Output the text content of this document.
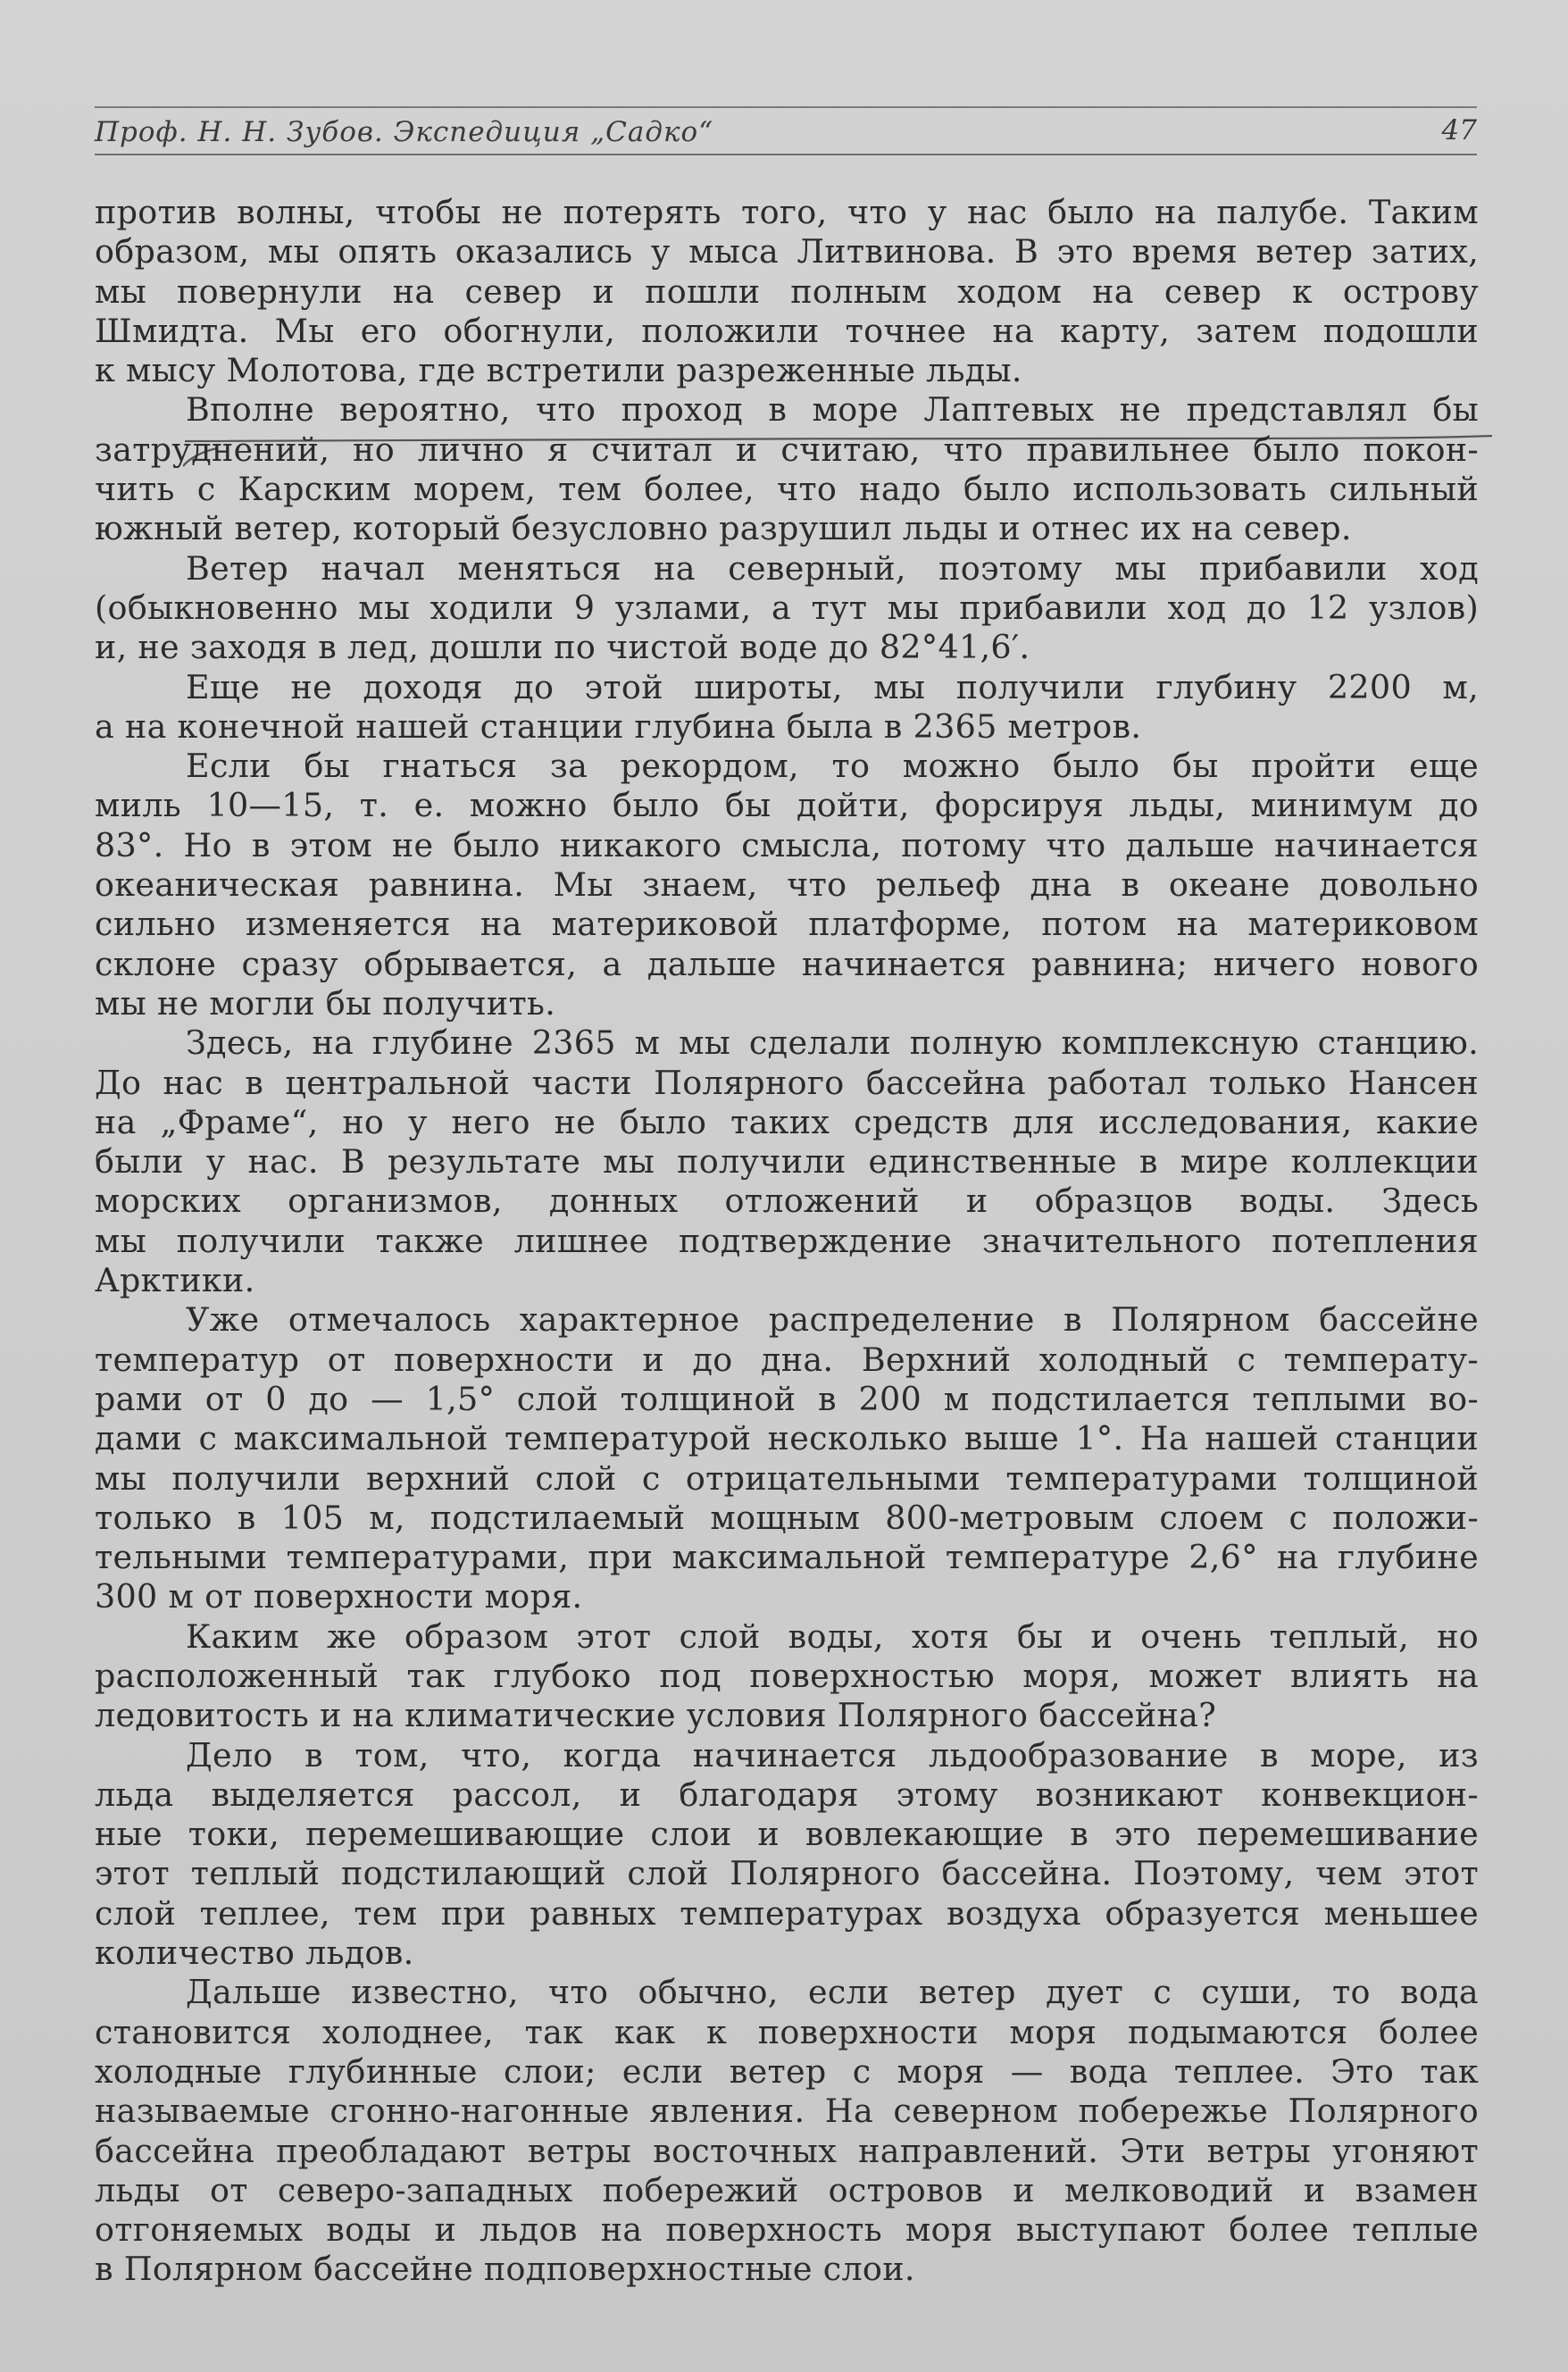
Проф. Н. Н. Зубов. Экспедиция „Садко“	47
против волны, чтобы не потерять того, что у нас было на палубе. Таким
образом, мы опять оказались у мыса Литвинова. В это время ветер затих,
мы повернули на север и пошли полным ходом на север к острову
Шмидта. Мы его обогнули, положили точнее на карту, затем подошли
к мысу Молотова, где встретили разреженные льды.
Вполне вероятно, что проход в море Лаптевых не представлял бы
затруднений, но лично я считал и считаю, что правильнее было покон-
чить с Карским морем, тем более, что надо было использовать сильный
южный ветер, который безусловно разрушил льды и отнес их на север.
Ветер начал меняться на северный, поэтому мы прибавили ход
(обыкновенно мы ходили 9 узлами, а тут мы прибавили ход до 12 узлов)
и, не заходя в лед, дошли по чистой воде до 82°41,6′.
Еще не доходя до этой широты, мы получили глубину 2200 м,
а на конечной нашей станции глубина была в 2365 метров.
Если бы гнаться за рекордом, то можно было бы пройти еще
миль 10—15, т. е. можно было бы дойти, форсируя льды, минимум до
83°. Но в этом не было никакого смысла, потому что дальше начинается
океаническая равнина. Мы знаем, что рельеф дна в океане довольно
сильно изменяется на материковой платформе, потом на материковом
склоне сразу обрывается, а дальше начинается равнина; ничего нового
мы не могли бы получить.
Здесь, на глубине 2365 м мы сделали полную комплексную станцию.
До нас в центральной части Полярного бассейна работал только Нансен
на „Фраме“, но у него не было таких средств для исследования, какие
были у нас. В результате мы получили единственные в мире коллекции
морских организмов, донных отложений и образцов воды. Здесь
мы получили также лишнее подтверждение значительного потепления
Арктики.
Уже отмечалось характерное распределение в Полярном бассейне
температур от поверхности и до дна. Верхний холодный с температу-
рами от 0 до — 1,5° слой толщиной в 200 м подстилается теплыми во-
дами с максимальной температурой несколько выше 1°. На нашей станции
мы получили верхний слой с отрицательными температурами толщиной
только в 105 м, подстилаемый мощным 800-метровым слоем с положи-
тельными температурами, при максимальной температуре 2,6° на глубине
300 м от поверхности моря.
Каким же образом этот слой воды, хотя бы и очень теплый, но
расположенный так глубоко под поверхностью моря, может влиять на
ледовитость и на климатические условия Полярного бассейна?
Дело в том, что, когда начинается льдообразование в море, из
льда выделяется рассол, и благодаря этому возникают конвекцион-
ные токи, перемешивающие слои и вовлекающие в это перемешивание
этот теплый подстилающий слой Полярного бассейна. Поэтому, чем этот
слой теплее, тем при равных температурах воздуха образуется меньшее
количество льдов.
Дальше известно, что обычно, если ветер дует с суши, то вода
становится холоднее, так как к поверхности моря подымаются более
холодные глубинные слои; если ветер с моря — вода теплее. Это так
называемые сгонно-нагонные явления. На северном побережье Полярного
бассейна преобладают ветры восточных направлений. Эти ветры угоняют
льды от северо-западных побережий островов и мелководий и взамен
отгоняемых воды и льдов на поверхность моря выступают более теплые
в Полярном бассейне подповерхностные слои.
